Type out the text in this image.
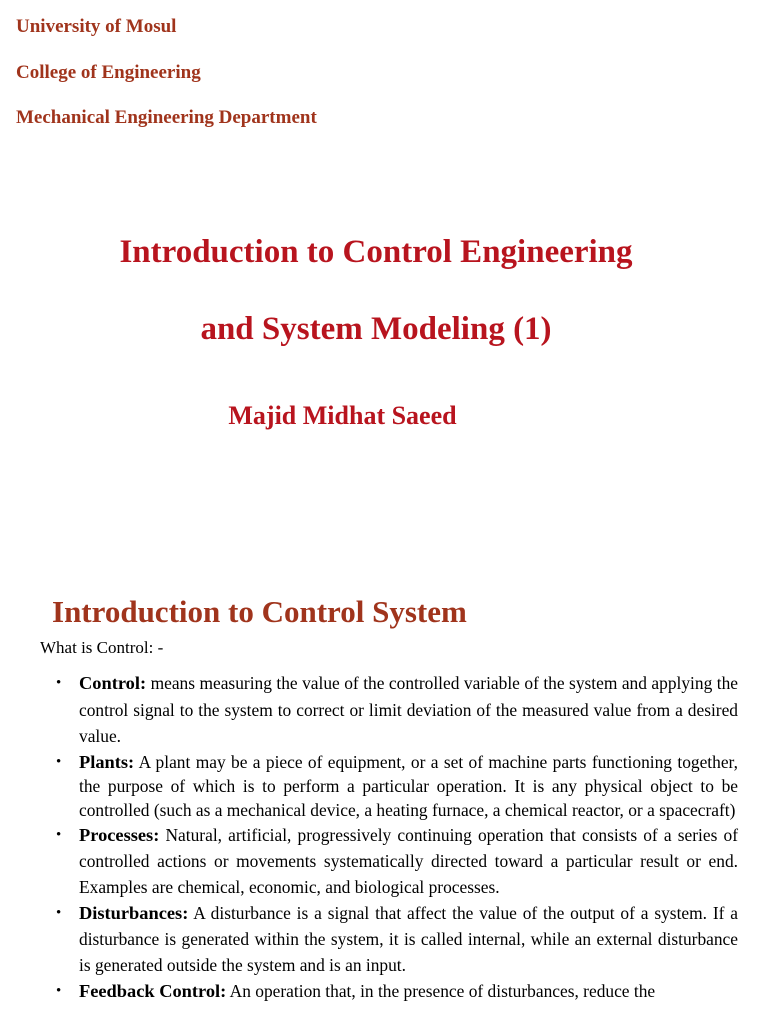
University of Mosul
College of Engineering
Mechanical Engineering Department
Introduction to Control Engineering
and System Modeling (1)
Majid Midhat Saeed
Introduction to Control System
What is Control: -
• Control: means measuring the value of the controlled variable of the system and applying the control signal to the system to correct or limit deviation of the measured value from a desired value.
• Plants: A plant may be a piece of equipment, or a set of machine parts functioning together, the purpose of which is to perform a particular operation. It is any physical object to be controlled (such as a mechanical device, a heating furnace, a chemical reactor, or a spacecraft)
• Processes: Natural, artificial, progressively continuing operation that consists of a series of controlled actions or movements systematically directed toward a particular result or end. Examples are chemical, economic, and biological processes.
• Disturbances: A disturbance is a signal that affect the value of the output of a system. If a disturbance is generated within the system, it is called internal, while an external disturbance is generated outside the system and is an input.
• Feedback Control: An operation that, in the presence of disturbances, reduce the
